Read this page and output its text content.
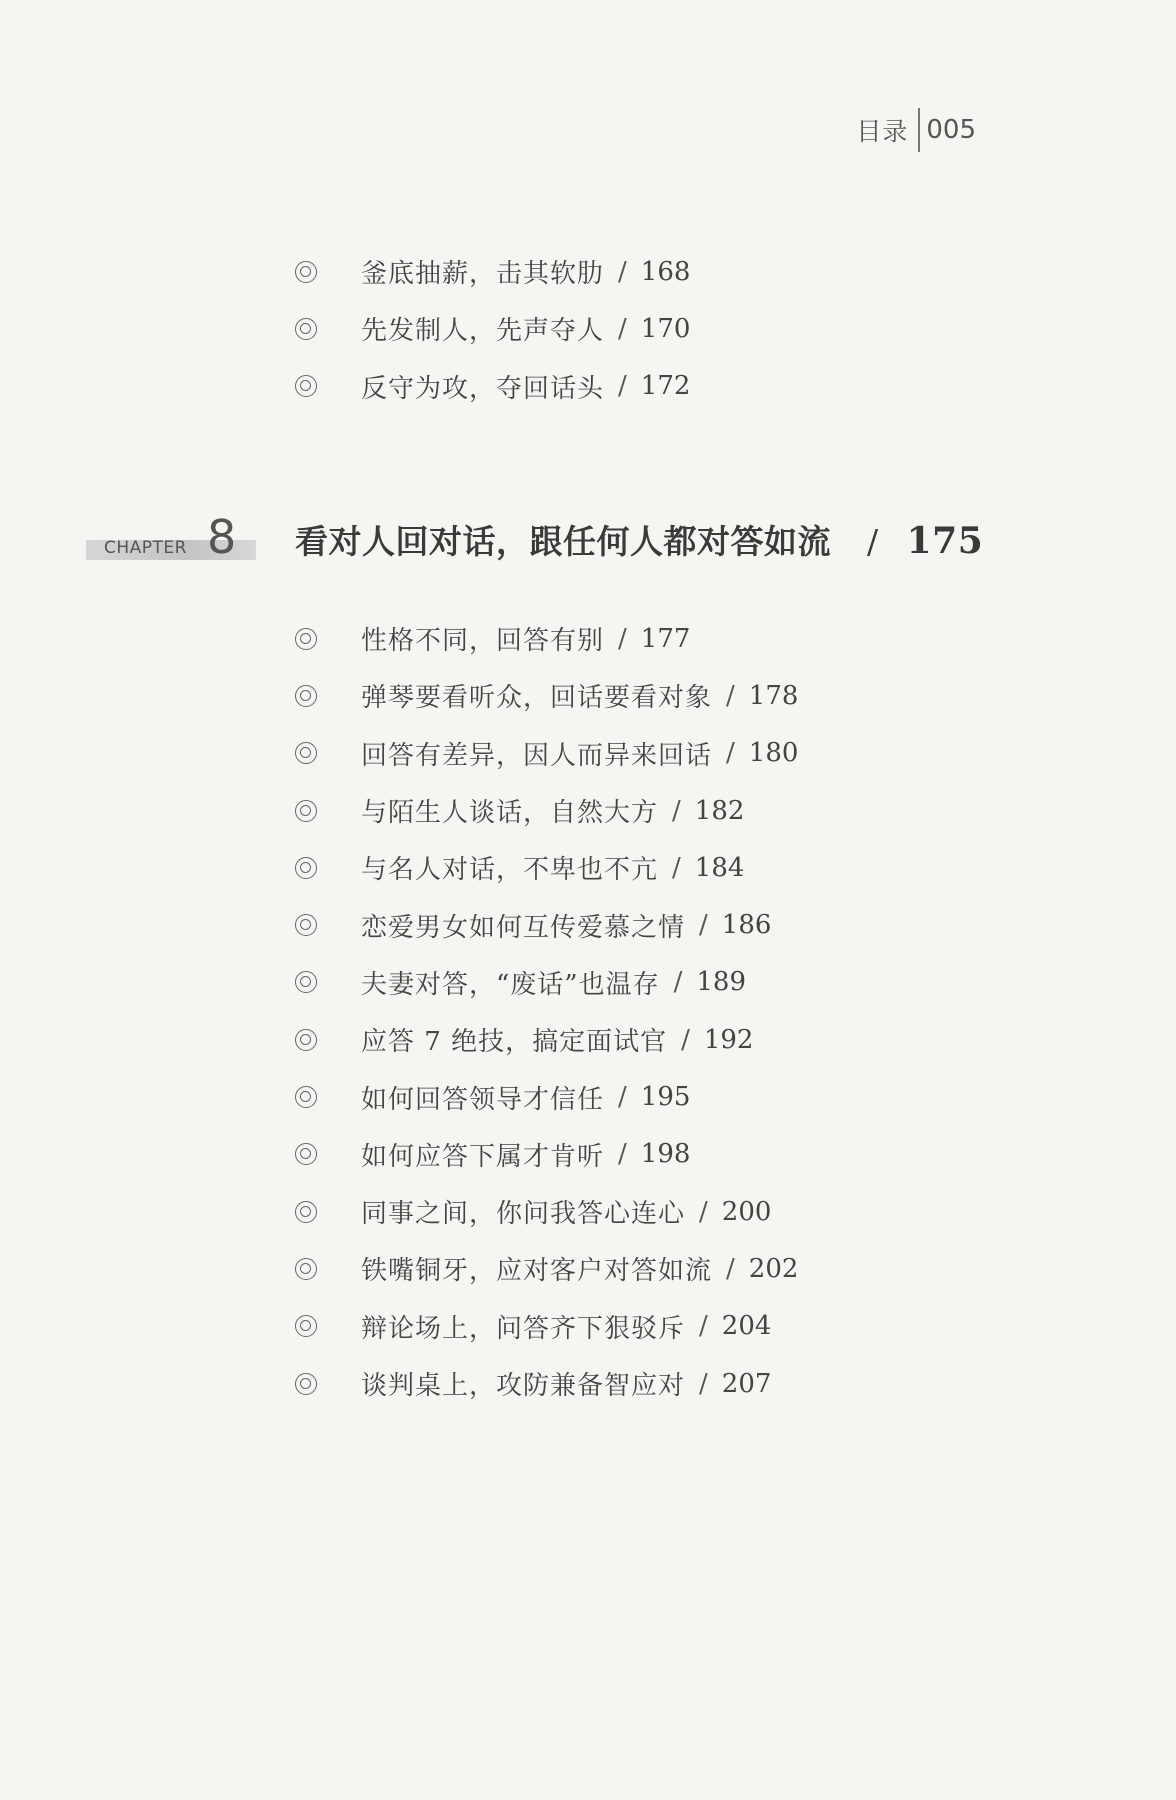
目录 005
釜底抽薪，击其软肋 / 168
先发制人，先声夺人 / 170
反守为攻，夺回话头 / 172
CHAPTER 8 看对人回对话，跟任何人都对答如流 / 175
性格不同，回答有别 / 177
弹琴要看听众，回话要看对象 / 178
回答有差异，因人而异来回话 / 180
与陌生人谈话，自然大方 / 182
与名人对话，不卑也不亢 / 184
恋爱男女如何互传爱慕之情 / 186
夫妻对答，“废话”也温存 / 189
应答 7 绝技，搞定面试官 / 192
如何回答领导才信任 / 195
如何应答下属才肯听 / 198
同事之间，你问我答心连心 / 200
铁嘴铜牙，应对客户对答如流 / 202
辩论场上，问答齐下狠驳斥 / 204
谈判桌上，攻防兼备智应对 / 207
